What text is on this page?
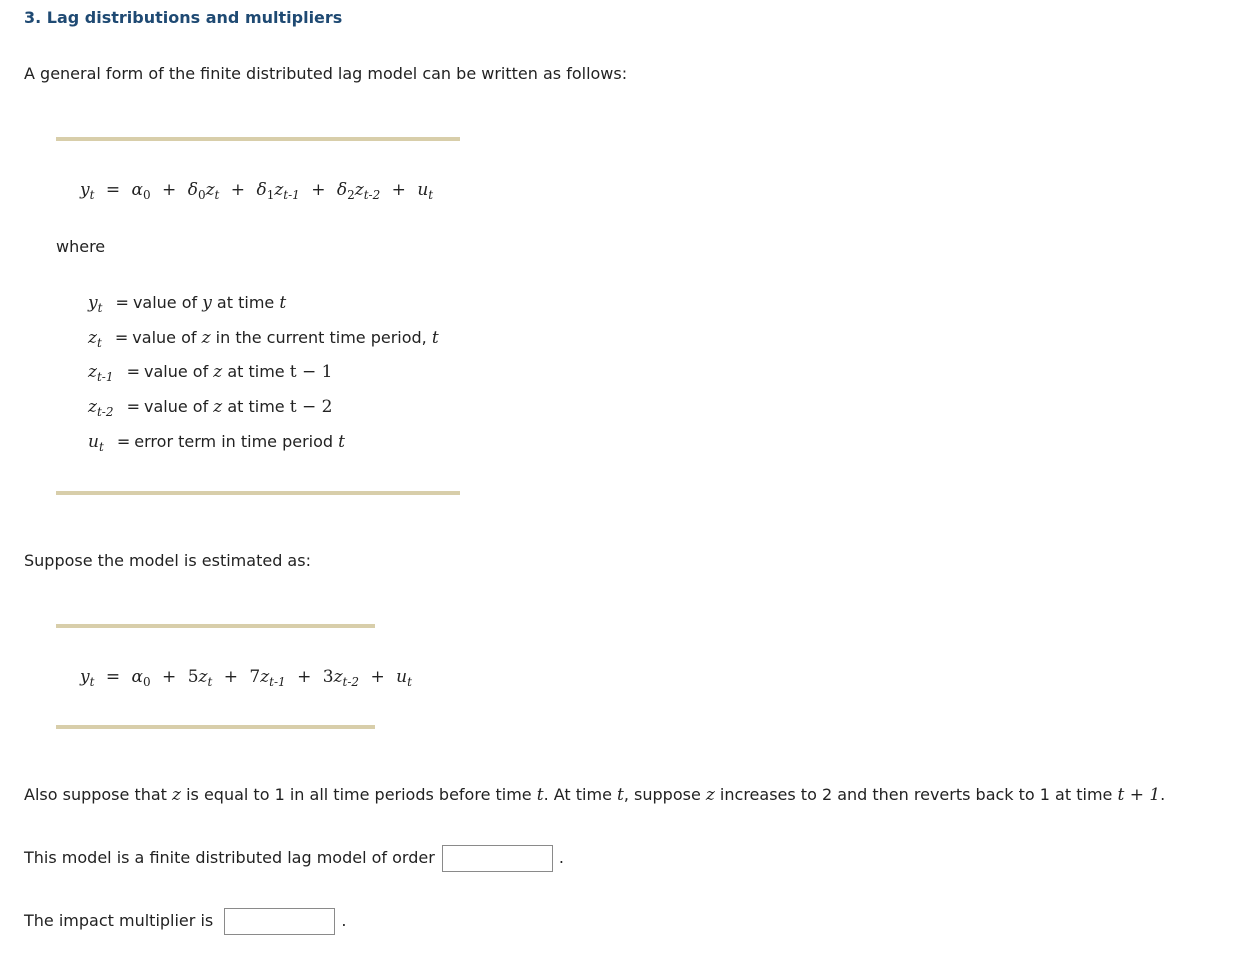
3. Lag distributions and multipliers
A general form of the finite distributed lag model can be written as follows:
$y_t = \alpha_0 + \delta_0z_t + \delta_1z_{t-1} + \delta_2z_{t-2} + u_t$
where
$y_t$ = value of y at time t
$z_t$ = value of z in the current time period, t
$z_{t-1}$ = value of z at time t − 1
$z_{t-2}$ = value of z at time t − 2
$u_t$ = error term in time period t
Suppose the model is estimated as:
$y_t = \alpha_0 + 5z_t + 7z_{t-1} + 3z_{t-2} + u_t$
Also suppose that z is equal to 1 in all time periods before time t. At time t, suppose z increases to 2 and then reverts back to 1 at time t + 1.
This model is a finite distributed lag model of order	.
The impact multiplier is	.
